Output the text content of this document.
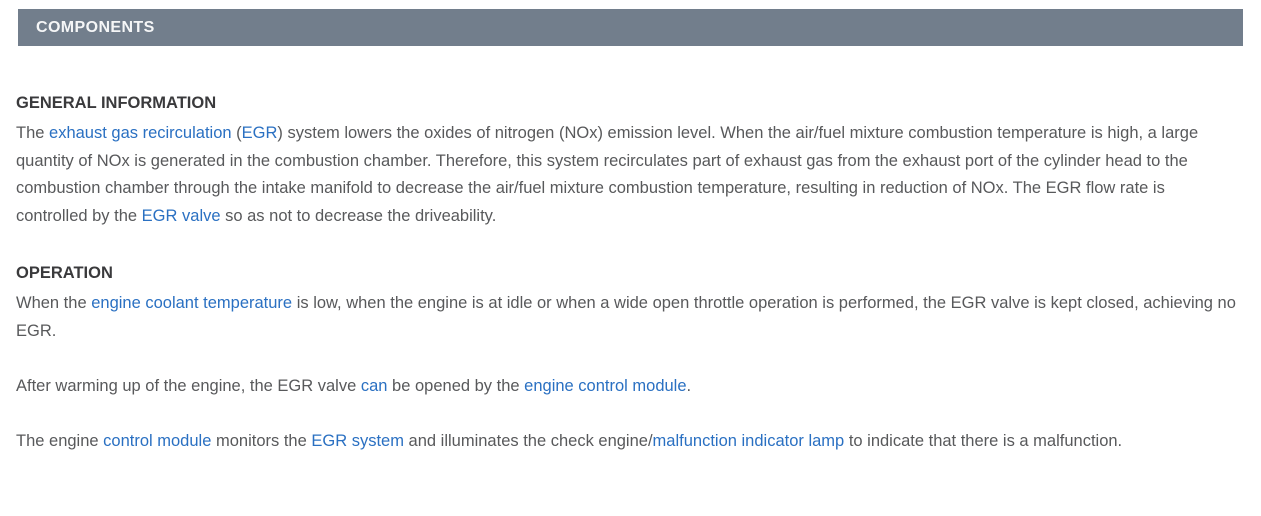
COMPONENTS
GENERAL INFORMATION

The exhaust gas recirculation (EGR) system lowers the oxides of nitrogen (NOx) emission level. When the air/fuel mixture combustion temperature is high, a large quantity of NOx is generated in the combustion chamber. Therefore, this system recirculates part of exhaust gas from the exhaust port of the cylinder head to the combustion chamber through the intake manifold to decrease the air/fuel mixture combustion temperature, resulting in reduction of NOx. The EGR flow rate is controlled by the EGR valve so as not to decrease the driveability.

OPERATION

When the engine coolant temperature is low, when the engine is at idle or when a wide open throttle operation is performed, the EGR valve is kept closed, achieving no EGR.

After warming up of the engine, the EGR valve can be opened by the engine control module.

The engine control module monitors the EGR system and illuminates the check engine/malfunction indicator lamp to indicate that there is a malfunction.
